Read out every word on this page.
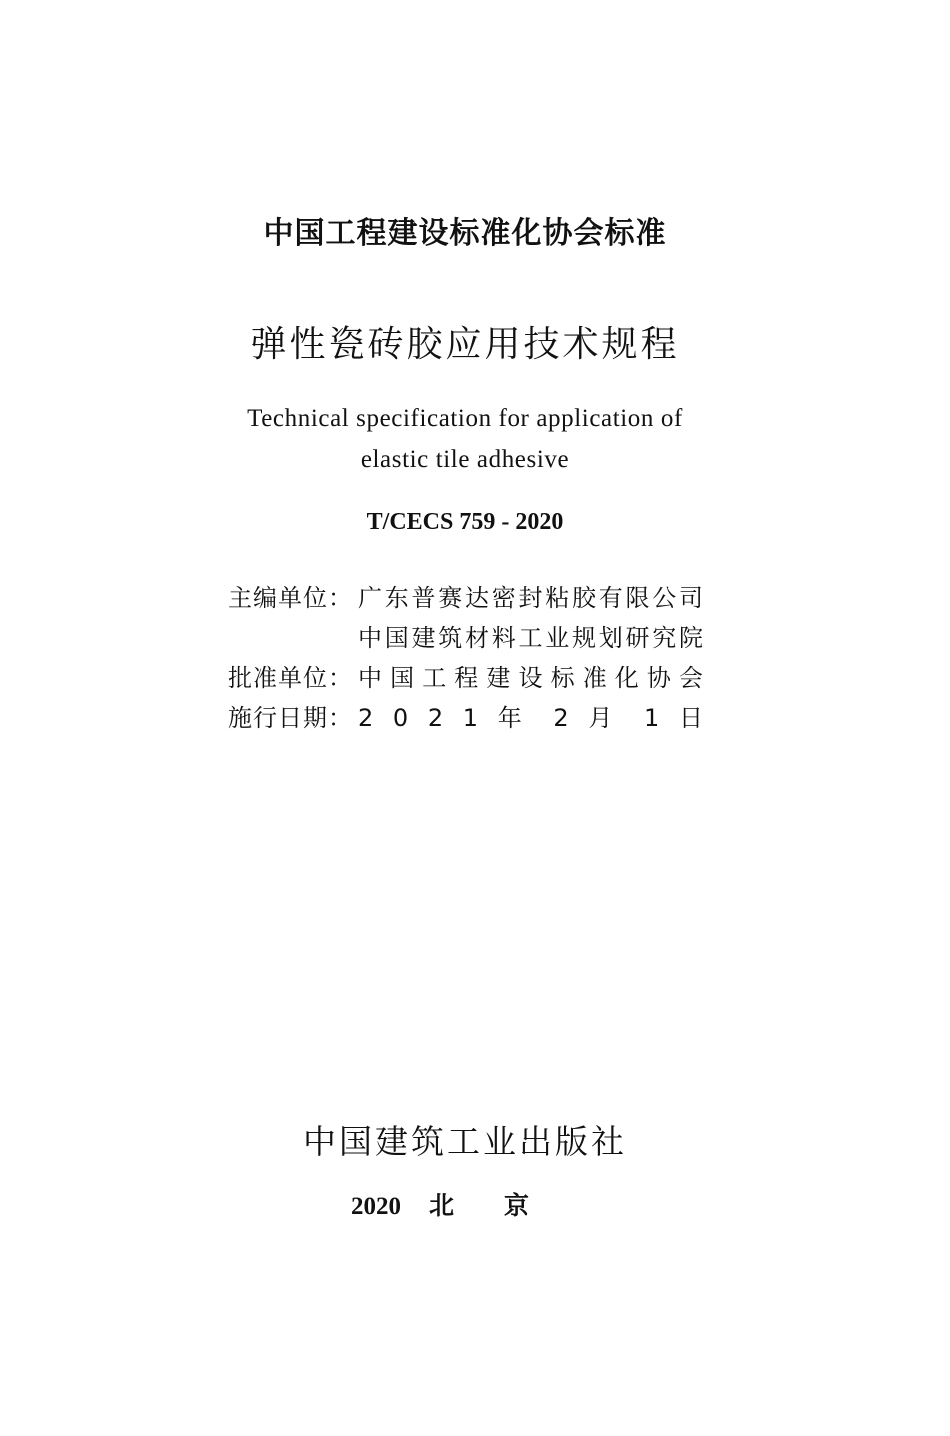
中国工程建设标准化协会标准
弹性瓷砖胶应用技术规程
Technical specification for application of
elastic tile adhesive
T/CECS 759 - 2020
主编单位： 广东普赛达密封粘胶有限公司
中国建筑材料工业规划研究院
批准单位： 中国工程建设标准化协会
施行日期： 2 0 2 1 年 2 月 1 日
中国建筑工业出版社
2020 北京
